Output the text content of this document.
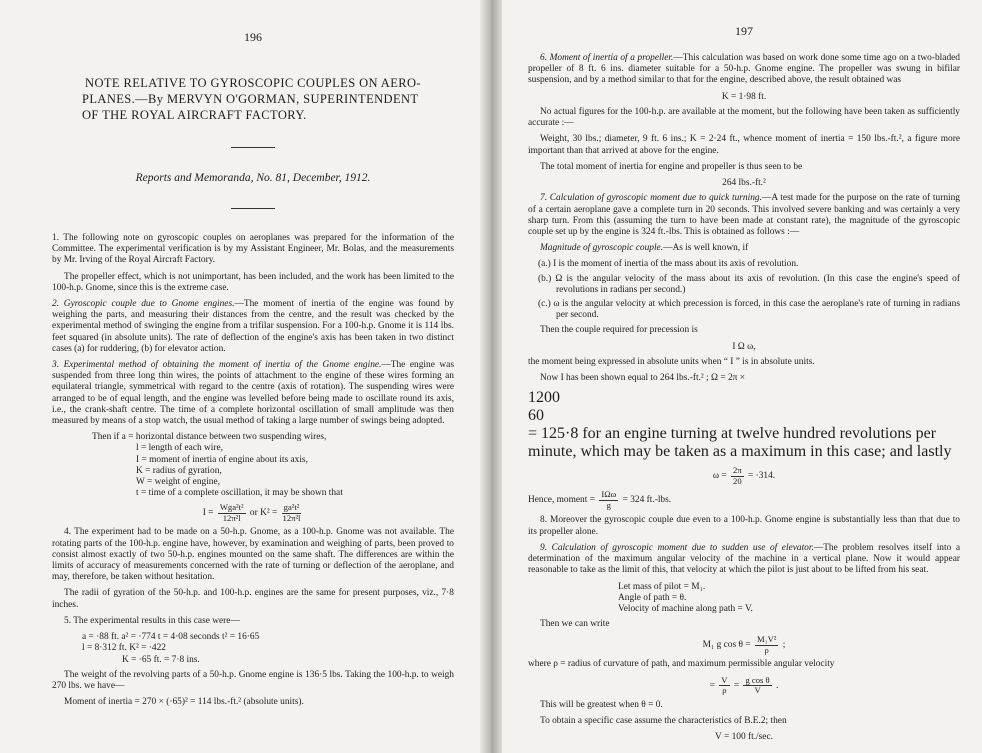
196
NOTE RELATIVE TO GYROSCOPIC COUPLES ON AERO-
PLANES.—By MERVYN O'GORMAN, SUPERINTENDENT
OF THE ROYAL AIRCRAFT FACTORY.
Reports and Memoranda, No. 81, December, 1912.

1. The following note on gyroscopic couples on aeroplanes was prepared for the information of the Committee. The experimental verification is by my Assistant Engineer, Mr. Bolas, and the measurements by Mr. Irving of the Royal Aircraft Factory.

The propeller effect, which is not unimportant, has been included, and the work has been limited to the 100-h.p. Gnome, since this is the extreme case.

2. Gyroscopic couple due to Gnome engines.—The moment of inertia of the engine was found by weighing the parts, and measuring their distances from the centre, and the result was checked by the experimental method of swinging the engine from a trifilar suspension. For a 100-h.p. Gnome it is 114 lbs. feet squared (in absolute units). The rate of deflection of the engine's axis has been taken in two distinct cases (a) for ruddering, (b) for elevator action.

3. Experimental method of obtaining the moment of inertia of the Gnome engine.—The engine was suspended from three long thin wires, the points of attachment to the engine of these wires forming an equilateral triangle, symmetrical with regard to the centre (axis of rotation). The suspending wires were arranged to be of equal length, and the engine was levelled before being made to oscillate round its axis, i.e., the crank-shaft centre. The time of a complete horizontal oscillation of small amplitude was then measured by means of a stop watch, the usual method of taking a large number of swings being adopted.

Then if a = horizontal distance between two suspending wires,
l = length of each wire,
I = moment of inertia of engine about its axis,
K = radius of gyration,
W = weight of engine,
t = time of a complete oscillation, it may be shown that
$I = \frac{\text{Wga²t²}}{\text{12π²l}}$ or $K^2 = \frac{\text{ga²t²}}{\text{12π²l}}$

4. The experiment had to be made on a 50-h.p. Gnome, as a 100-h.p. Gnome was not available. The rotating parts of the 100-h.p. engine have, however, by examination and weighing of parts, been proved to consist almost exactly of two 50-h.p. engines mounted on the same shaft. The differences are within the limits of accuracy of measurements concerned with the rate of turning or deflection of the aeroplane, and may, therefore, be taken without hesitation.

The radii of gyration of the 50-h.p. and 100-h.p. engines are the same for present purposes, viz., 7·8 inches.

5. The experimental results in this case were—

a = ·88 ft. a² = ·774 t = 4·08 seconds t² = 16·65
l = 8·312 ft. K² = ·422
K = ·65 ft. = 7·8 ins.

The weight of the revolving parts of a 50-h.p. Gnome engine is 136·5 lbs. Taking the 100-h.p. to weigh 270 lbs. we have—

Moment of inertia = 270 × (·65)² = 114 lbs.-ft.² (absolute units).

197

6. Moment of inertia of a propeller.—This calculation was based on work done some time ago on a two-bladed propeller of 8 ft. 6 ins. diameter suitable for a 50-h.p. Gnome engine. The propeller was swung in bifilar suspension, and by a method similar to that for the engine, described above, the result obtained was

K = 1·98 ft.

No actual figures for the 100-h.p. are available at the moment, but the following have been taken as sufficiently accurate :—

Weight, 30 lbs.; diameter, 9 ft. 6 ins.; K = 2·24 ft., whence moment of inertia = 150 lbs.-ft.², a figure more important than that arrived at above for the engine.

The total moment of inertia for engine and propeller is thus seen to be

264 lbs.-ft.²

7. Calculation of gyroscopic moment due to quick turning.—A test made for the purpose on the rate of turning of a certain aeroplane gave a complete turn in 20 seconds. This involved severe banking and was certainly a very sharp turn. From this (assuming the turn to have been made at constant rate), the magnitude of the gyroscopic couple set up by the engine is 324 ft.-lbs. This is obtained as follows :—

Magnitude of gyroscopic couple.—As is well known, if

(a.) I is the moment of inertia of the mass about its axis of revolution.
(b.) Ω is the angular velocity of the mass about its axis of revolution. (In this case the engine's speed of revolutions in radians per second.)
(c.) ω is the angular velocity at which precession is forced, in this case the aeroplane's rate of turning in radians per second.

Then the couple required for precession is

I Ω ω,

the moment being expressed in absolute units when “ I ” is in absolute units.

Now I has been shown equal to 264 lbs.-ft.² ; Ω = 2π ×

1200
60
= 125·8 for an engine turning at twelve hundred revolutions per minute, which may be taken as a maximum in this case; and lastly

$\omega = \frac{2\pi}{20} = \cdot 314$.
Hence, moment = $\frac{\text{IΩω}}{g} = 324$ ft.-lbs.

8. Moreover the gyroscopic couple due even to a 100-h.p. Gnome engine is substantially less than that due to its propeller alone.

9. Calculation of gyroscopic moment due to sudden use of elevator.—The problem resolves itself into a determination of the maximum angular velocity of the machine in a vertical plane. Now it would appear reasonable to take as the limit of this, that velocity at which the pilot is just about to be lifted from his seat.

Let mass of pilot = M₁.
Angle of path = θ.
Velocity of machine along path = V.

Then we can write

M₁ g $\cos \theta = \frac{\text{M₁V²}}{\rho}$ ;

where ρ = radius of curvature of path, and maximum permissible angular velocity

= $\frac{V}{\rho} = \frac{\text{g cos θ}}{V}$ .

This will be greatest when θ = 0.

To obtain a specific case assume the characteristics of B.E.2; then

V = 100 ft./sec.
